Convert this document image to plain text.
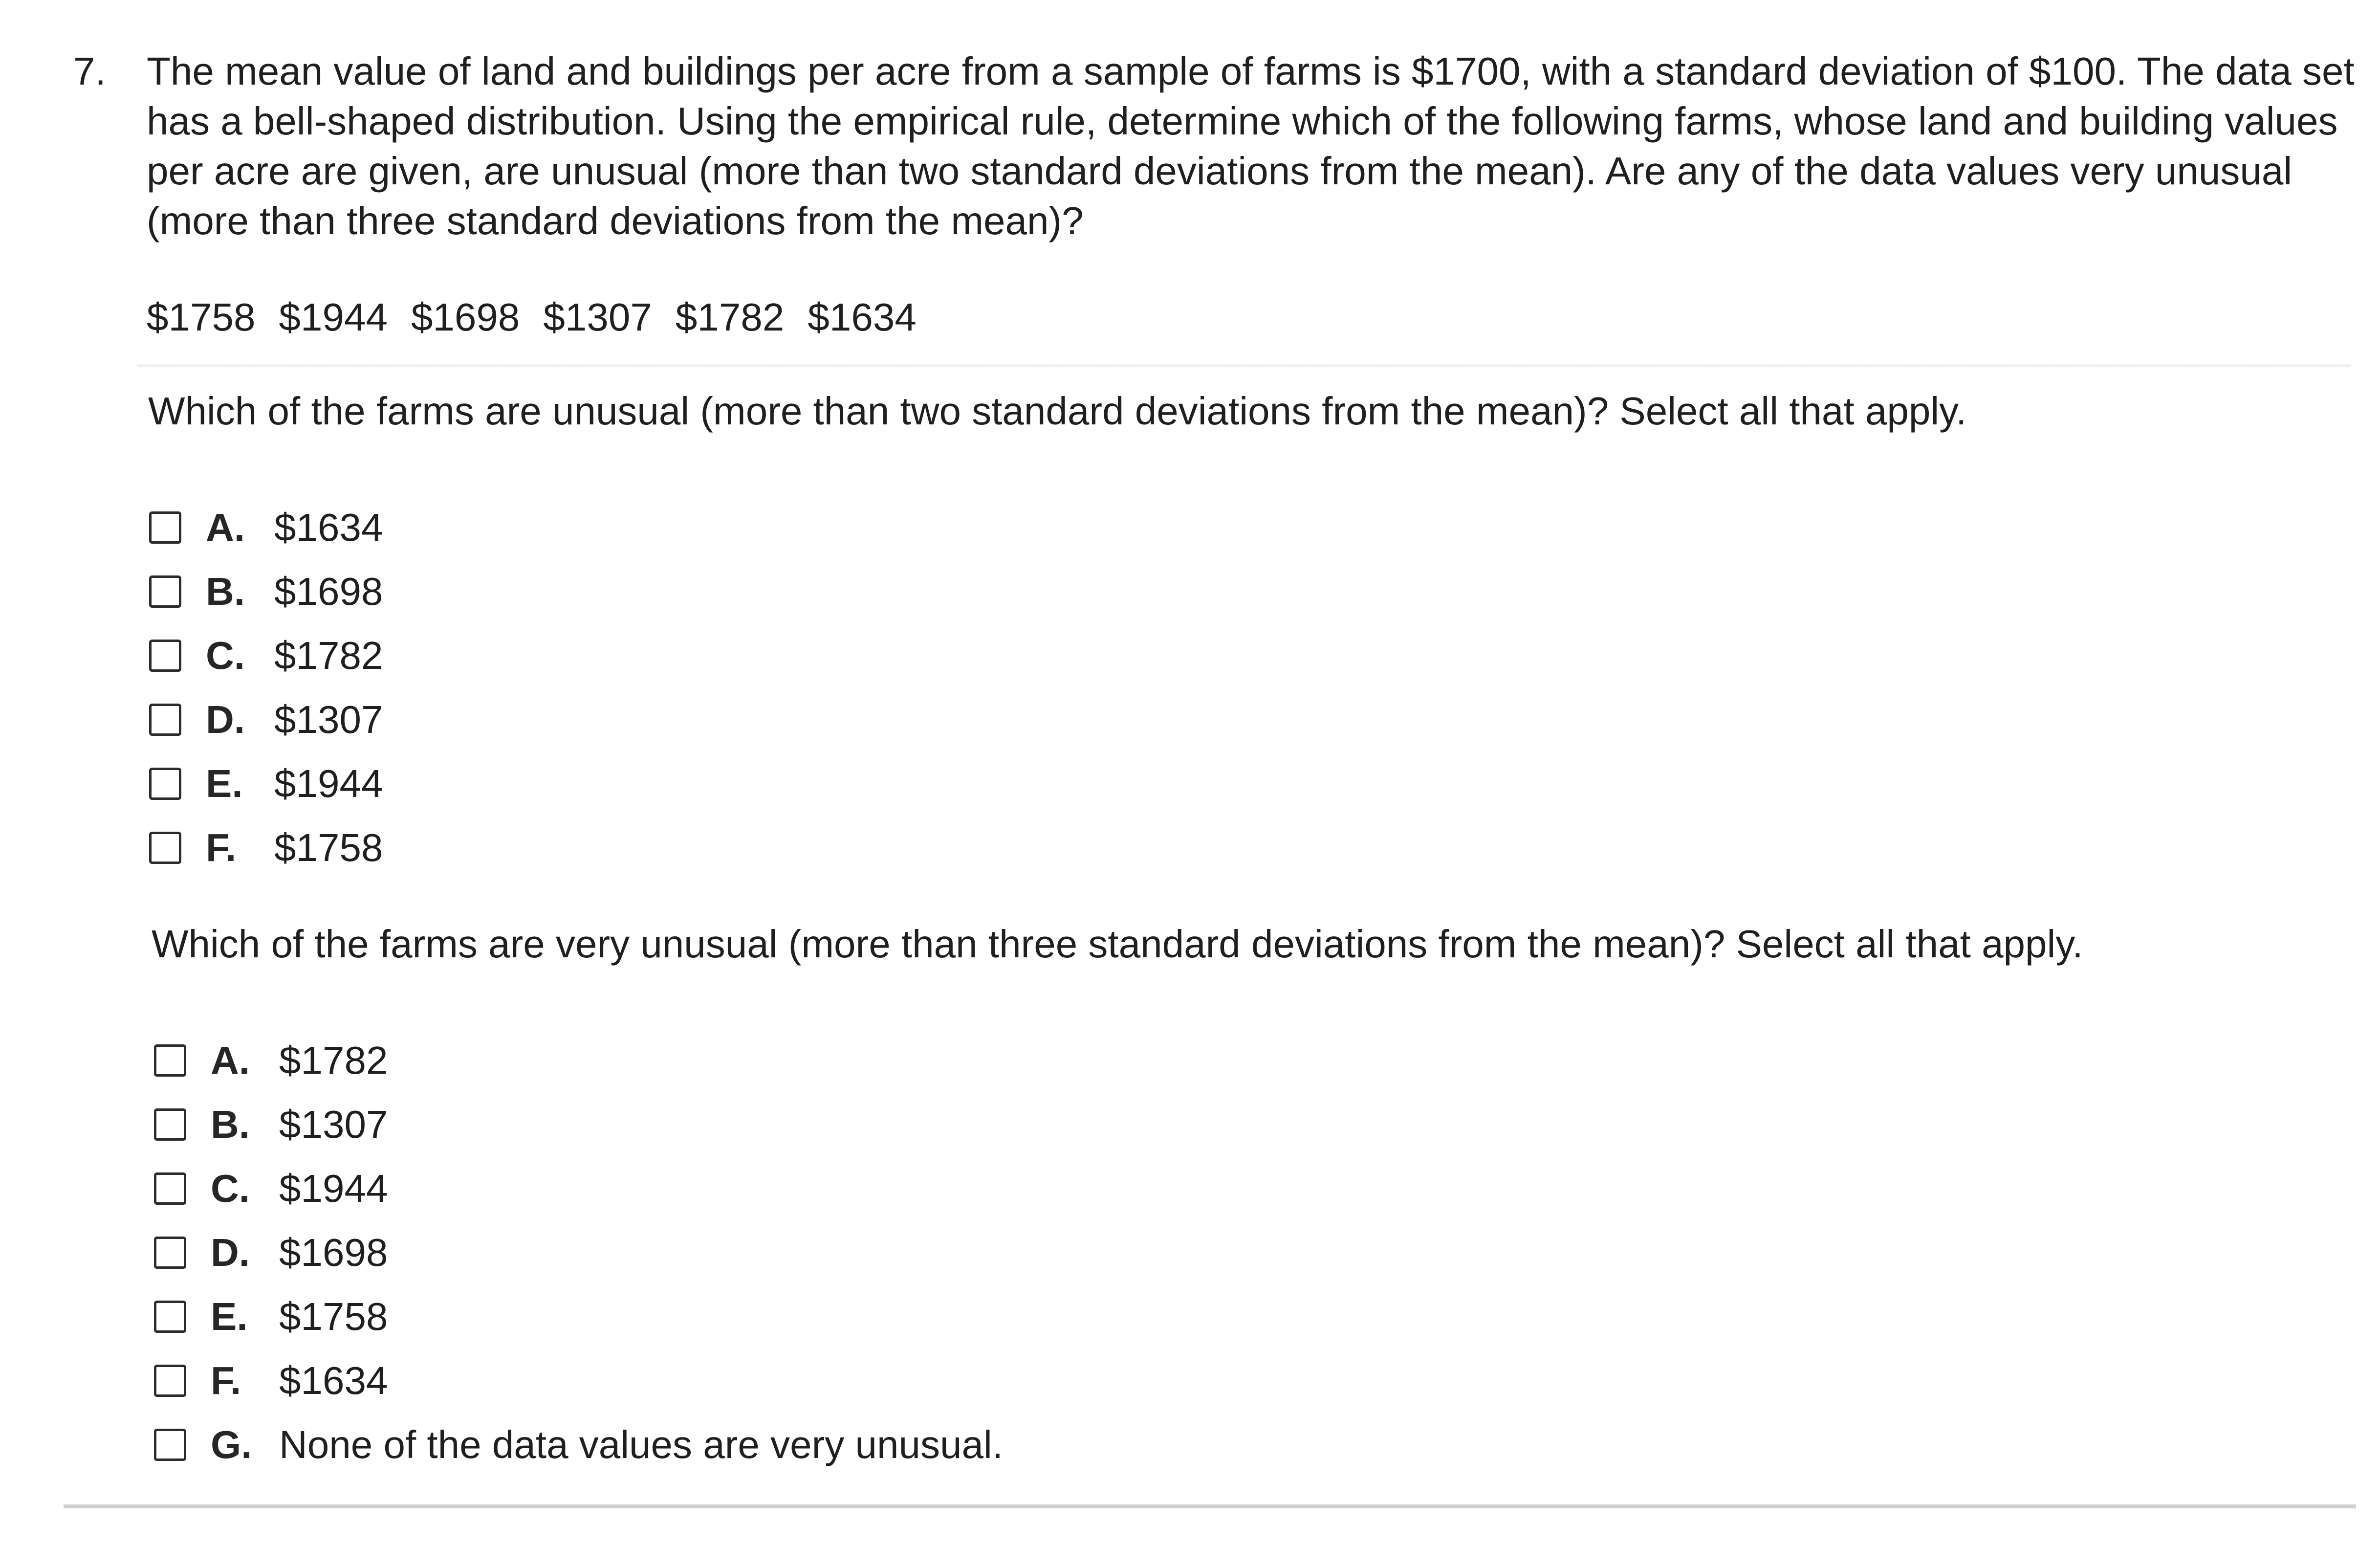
7. The mean value of land and buildings per acre from a sample of farms is $1700, with a standard deviation of $100. The data set has a bell-shaped distribution. Using the empirical rule, determine which of the following farms, whose land and building values per acre are given, are unusual (more than two standard deviations from the mean). Are any of the data values very unusual (more than three standard deviations from the mean)?
$1758 $1944 $1698 $1307 $1782 $1634
Which of the farms are unusual (more than two standard deviations from the mean)? Select all that apply.
A. $1634
B. $1698
C. $1782
D. $1307
E. $1944
F. $1758
Which of the farms are very unusual (more than three standard deviations from the mean)? Select all that apply.
A. $1782
B. $1307
C. $1944
D. $1698
E. $1758
F. $1634
G. None of the data values are very unusual.
